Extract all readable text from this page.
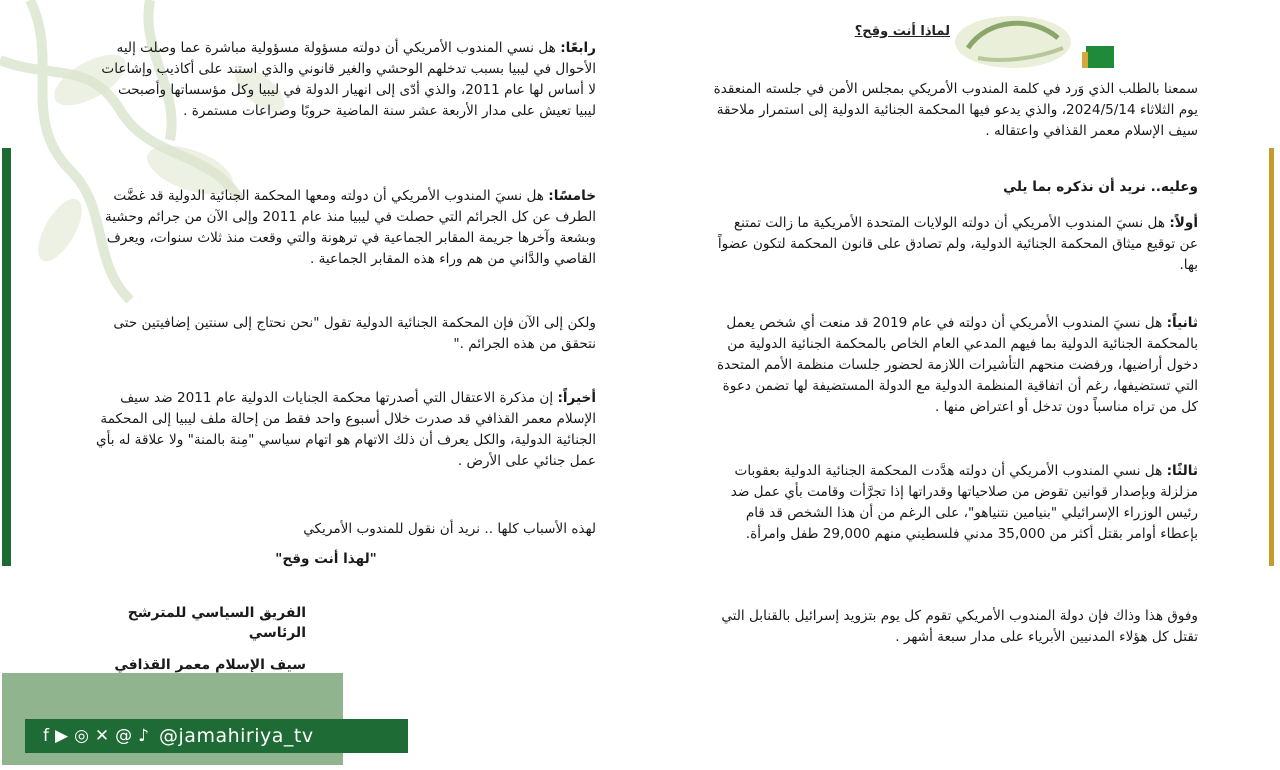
لماذا أنت وقح؟

سمعنا بالطلب الذي وَرد في كلمة المندوب الأمريكي بمجلس الأمن في جلسته المنعقدة يوم الثلاثاء 2024/5/14، والذي يدعو فيها المحكمة الجنائية الدولية إلى استمرار ملاحقة سيف الإسلام معمر القذافي واعتقاله .

وعليه.. نريد أن نذكره بما يلي

أولاً: هل نسيَ المندوب الأمريكي أن دولته الولايات المتحدة الأمريكية ما زالت تمتنع عن توقيع ميثاق المحكمة الجنائية الدولية، ولم تصادق على قانون المحكمة لتكون عضواً بها.

ثانياً: هل نسيَ المندوب الأمريكي أن دولته في عام 2019 قد منعت أي شخص يعمل بالمحكمة الجنائية الدولية بما فيهم المدعي العام الخاص بالمحكمة الجنائية الدولية من دخول أراضيها، ورفضت منحهم التأشيرات اللازمة لحضور جلسات منظمة الأمم المتحدة التي تستضيفها، رغم أن اتفاقية المنظمة الدولية مع الدولة المستضيفة لها تضمن دعوة كل من تراه مناسباً دون تدخل أو اعتراض منها .

ثالثًا: هل نسي المندوب الأمريكي أن دولته هدَّدت المحكمة الجنائية الدولية بعقوبات مزلزلة وبإصدار قوانين تقوض من صلاحياتها وقدراتها إذا تجرَّأت وقامت بأي عمل ضد رئيس الوزراء الإسرائيلي "بنيامين نتنياهو"، على الرغم من أن هذا الشخص قد قام بإعطاء أوامر بقتل أكثر من 35,000 مدني فلسطيني منهم 29,000 طفل وامرأة.

وفوق هذا وذاك فإن دولة المندوب الأمريكي تقوم كل يوم بتزويد إسرائيل بالقنابل التي تقتل كل هؤلاء المدنيين الأبرياء على مدار سبعة أشهر .

رابعًا: هل نسي المندوب الأمريكي أن دولته مسؤولة مسؤولية مباشرة عما وصلت إليه الأحوال في ليبيا بسبب تدخلهم الوحشي والغير قانوني والذي استند على أكاذيب وإشاعات لا أساس لها عام 2011، والذي أدّى إلى انهيار الدولة في ليبيا وكل مؤسساتها وأصبحت ليبيا تعيش على مدار الأربعة عشر سنة الماضية حروبًا وصراعات مستمرة .

خامسًا: هل نسيَ المندوب الأمريكي أن دولته ومعها المحكمة الجنائية الدولية قد غضَّت الطرف عن كل الجرائم التي حصلت في ليبيا منذ عام 2011 وإلى الآن من جرائم وحشية وبشعة وآخرها جريمة المقابر الجماعية في ترهونة والتي وقعت منذ ثلاث سنوات، ويعرف القاصي والدَّاني من هم وراء هذه المقابر الجماعية .

ولكن إلى الآن فإن المحكمة الجنائية الدولية تقول "نحن نحتاج إلى سنتين إضافيتين حتى نتحقق من هذه الجرائم ."

أخيراً: إن مذكرة الاعتقال التي أصدرتها محكمة الجنايات الدولية عام 2011 ضد سيف الإسلام معمر القذافي قد صدرت خلال أسبوع واحد فقط من إحالة ملف ليبيا إلى المحكمة الجنائية الدولية، والكل يعرف أن ذلك الاتهام هو اتهام سياسي "مِنة بالمنة" ولا علاقة له بأي عمل جنائي على الأرض .

لهذه الأسباب كلها .. نريد أن نقول للمندوب الأمريكي

"لهذا أنت وقح"

الفريق السياسي للمترشح الرئاسي
سيف الإسلام معمر القذافي
f ▶ ◎ ✕ @ ♪ @jamahiriya_tv
